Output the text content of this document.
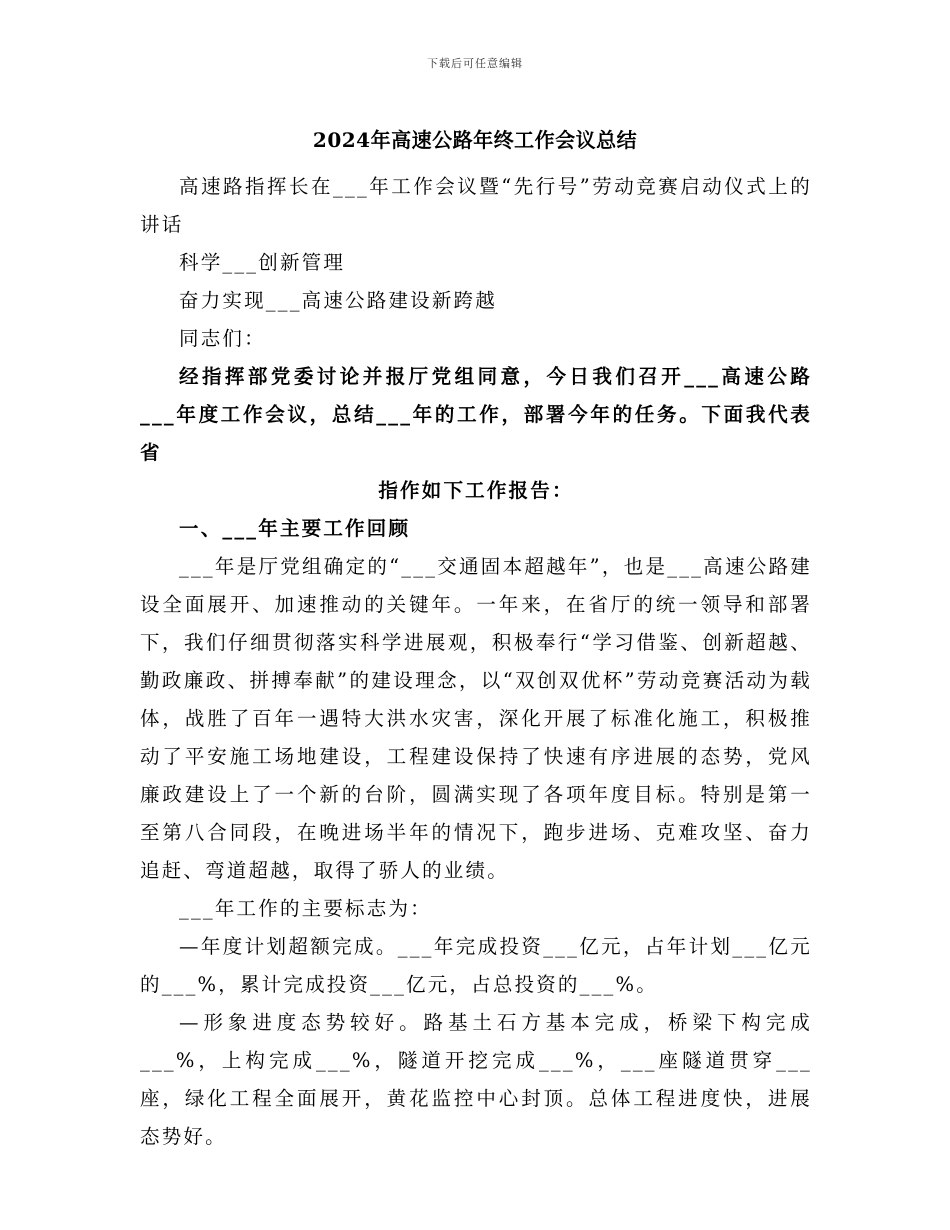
下载后可任意编辑
2024年高速公路年终工作会议总结

高速路指挥长在___年工作会议暨“先行号”劳动竞赛启动仪式上的讲话

科学___创新管理

奋力实现___高速公路建设新跨越

同志们：

经指挥部党委讨论并报厅党组同意，今日我们召开___高速公路___年度工作会议，总结___年的工作，部署今年的任务。下面我代表省

指作如下工作报告：

一、___年主要工作回顾

___年是厅党组确定的“___交通固本超越年”，也是___高速公路建设全面展开、加速推动的关键年。一年来，在省厅的统一领导和部署下，我们仔细贯彻落实科学进展观，积极奉行“学习借鉴、创新超越、勤政廉政、拼搏奉献”的建设理念，以“双创双优杯”劳动竞赛活动为载体，战胜了百年一遇特大洪水灾害，深化开展了标准化施工，积极推动了平安施工场地建设，工程建设保持了快速有序进展的态势，党风廉政建设上了一个新的台阶，圆满实现了各项年度目标。特别是第一至第八合同段，在晚进场半年的情况下，跑步进场、克难攻坚、奋力追赶、弯道超越，取得了骄人的业绩。

___年工作的主要标志为：

—年度计划超额完成。___年完成投资___亿元，占年计划___亿元的___%，累计完成投资___亿元，占总投资的___%。

—形象进度态势较好。路基土石方基本完成，桥梁下构完成___%，上构完成___%，隧道开挖完成___%，___座隧道贯穿___座，绿化工程全面展开，黄花监控中心封顶。总体工程进度快，进展态势好。
